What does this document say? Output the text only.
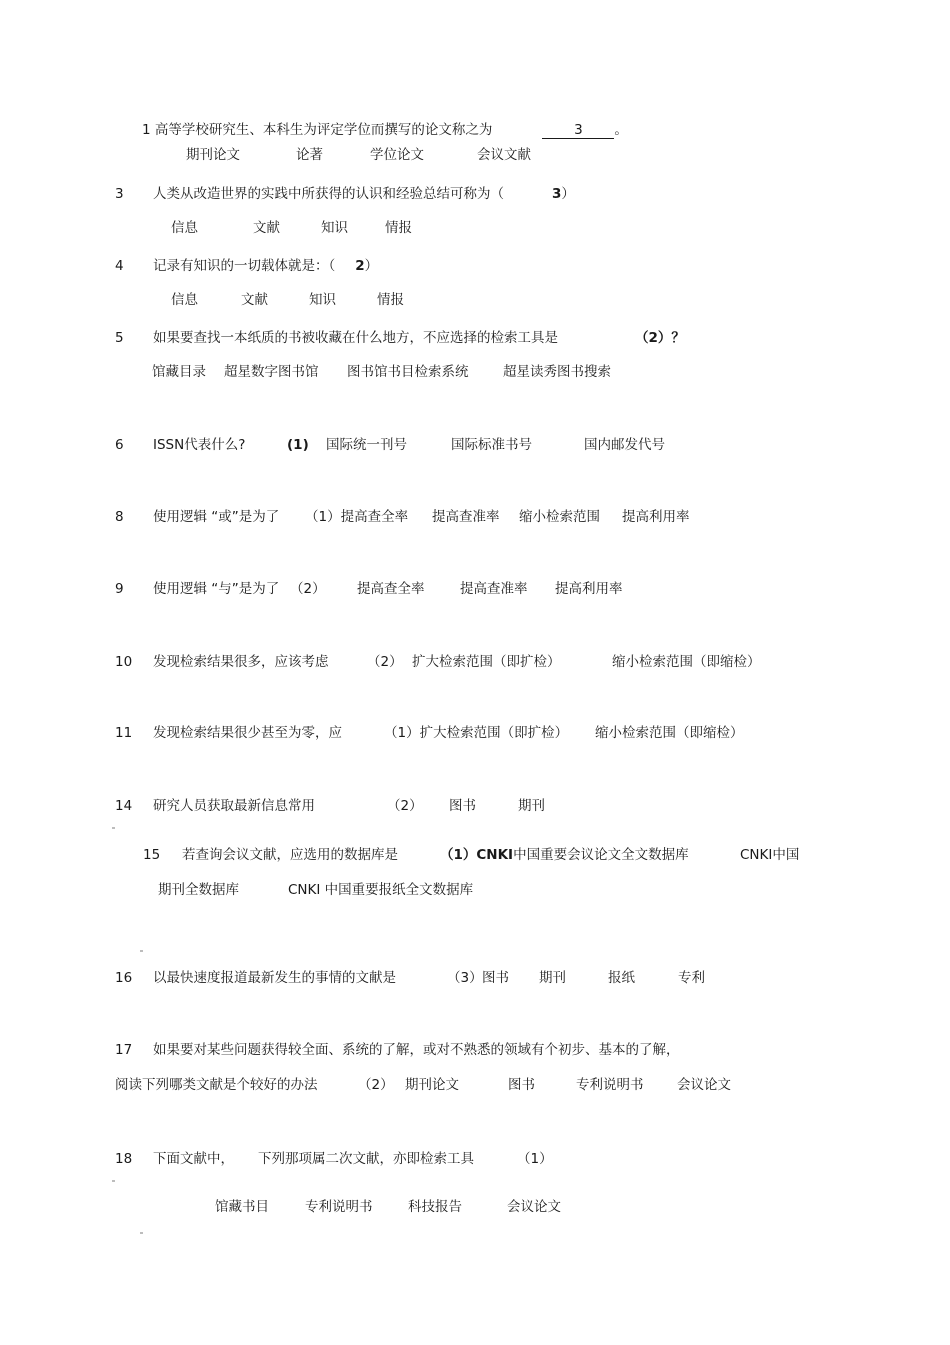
1 高等学校研究生、本科生为评定学位而撰写的论文称之为	3 。
期刊论文	论著	学位论文	会议文献
3 人类从改造世界的实践中所获得的认识和经验总结可称为（	3）
信息	文献	知识	情报
4 记录有知识的一切载体就是：（ 2）
信息	文献	知识	情报
5 如果要查找一本纸质的书被收藏在什么地方，不应选择的检索工具是	（2）？
馆藏目录 超星数字图书馆 图书馆书目检索系统	超星读秀图书搜索
6 ISSN代表什么?	(1) 国际统一刊号	国际标准书号	国内邮发代号
8 使用逻辑 “或”是为了 （1）提高查全率 提高查准率 缩小检索范围 提高利用率
9 使用逻辑 “与”是为了 （2） 提高查全率	提高查准率 提高利用率
10 发现检索结果很多，应该考虑	（2） 扩大检索范围（即扩检）	缩小检索范围（即缩检）
11 发现检索结果很少甚至为零，应	（1）扩大检索范围（即扩检） 缩小检索范围（即缩检）
14 研究人员获取最新信息常用	（2） 图书	期刊
15 若查询会议文献，应选用的数据库是	（1）CNKI中国重要会议论文全文数据库	CNKI中国
期刊全数据库	CNKI 中国重要报纸全文数据库
16 以最快速度报道最新发生的事情的文献是	（3） 图书 期刊	报纸	专利
17 如果要对某些问题获得较全面、系统的了解，或对不熟悉的领域有个初步、基本的了解，
阅读下列哪类文献是个较好的办法	（2） 期刊论文	图书	专利说明书 会议论文
18 下面文献中， 下列那项属二次文献，亦即检索工具	（1）
馆藏书目	专利说明书	科技报告	会议论文
